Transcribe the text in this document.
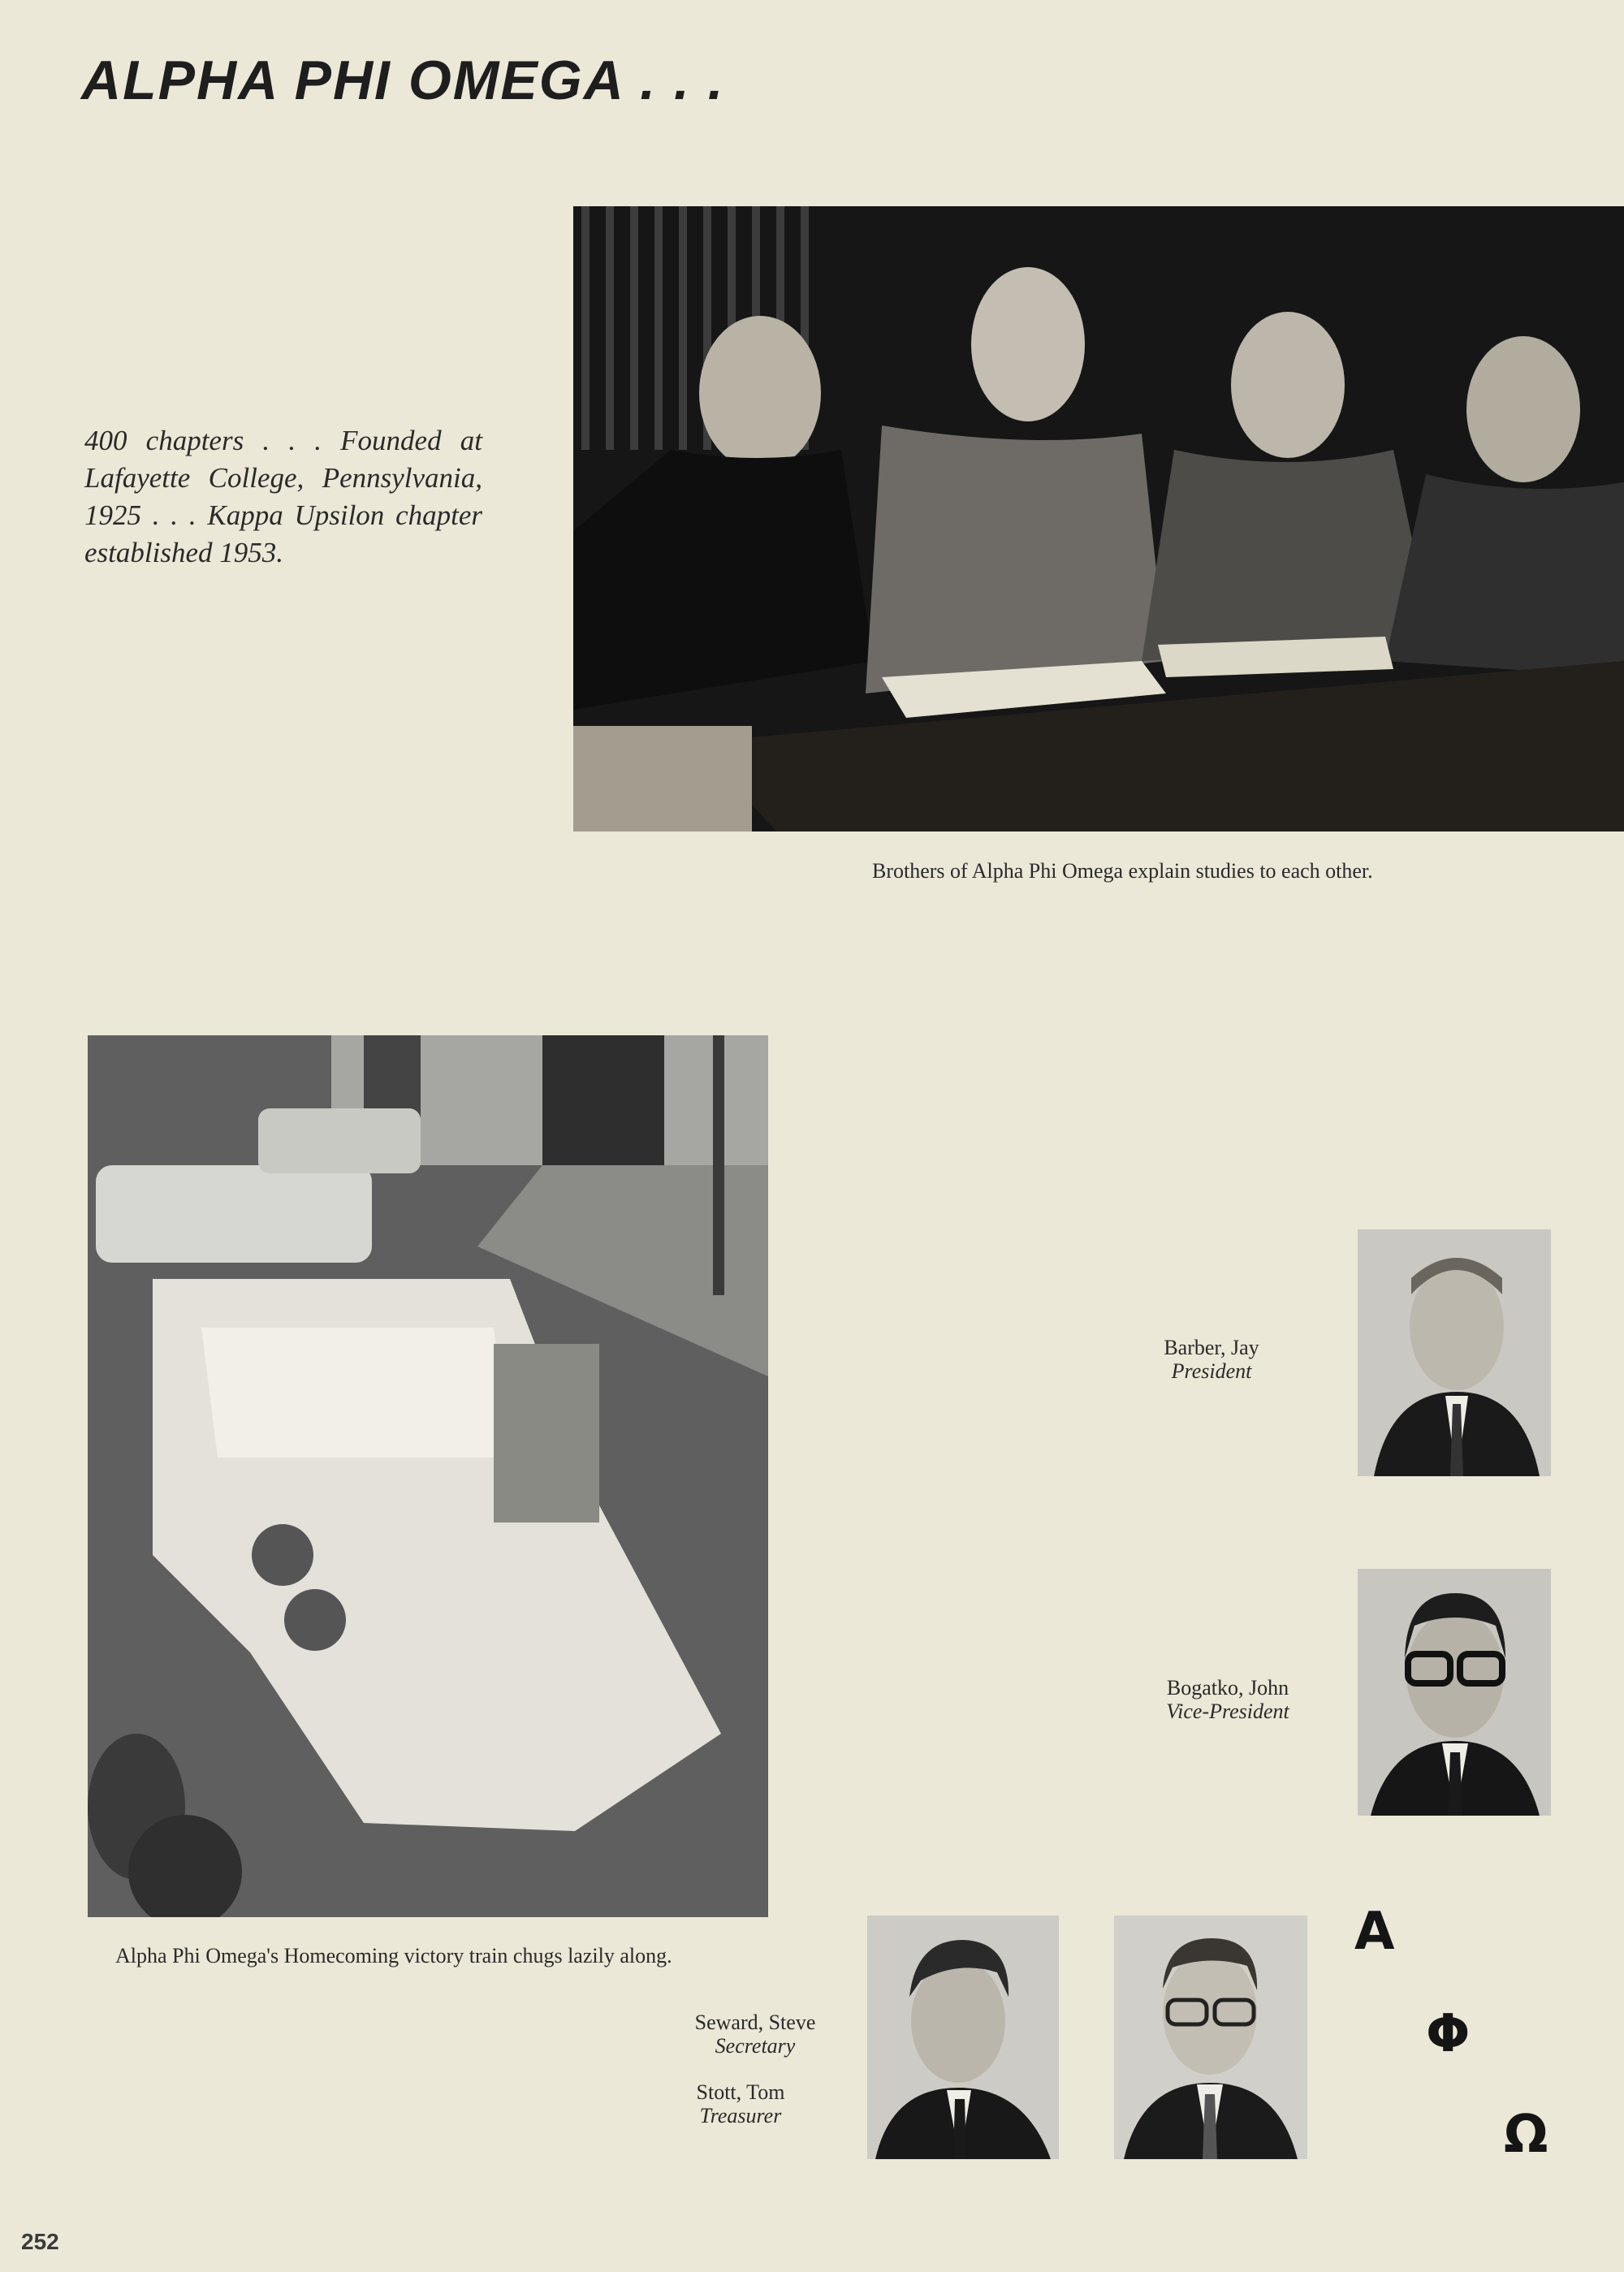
ALPHA PHI OMEGA . . .
400 chapters . . . Founded at Lafayette College, Pennsylvania, 1925 . . . Kappa Upsilon chapter established 1953.
Brothers of Alpha Phi Omega explain studies to each other.
Alpha Phi Omega's Homecoming victory train chugs lazily along.
Barber, Jay
President
Bogatko, John
Vice-President
Seward, Steve
Secretary
Stott, Tom
Treasurer
Α
Φ
Ω
252
